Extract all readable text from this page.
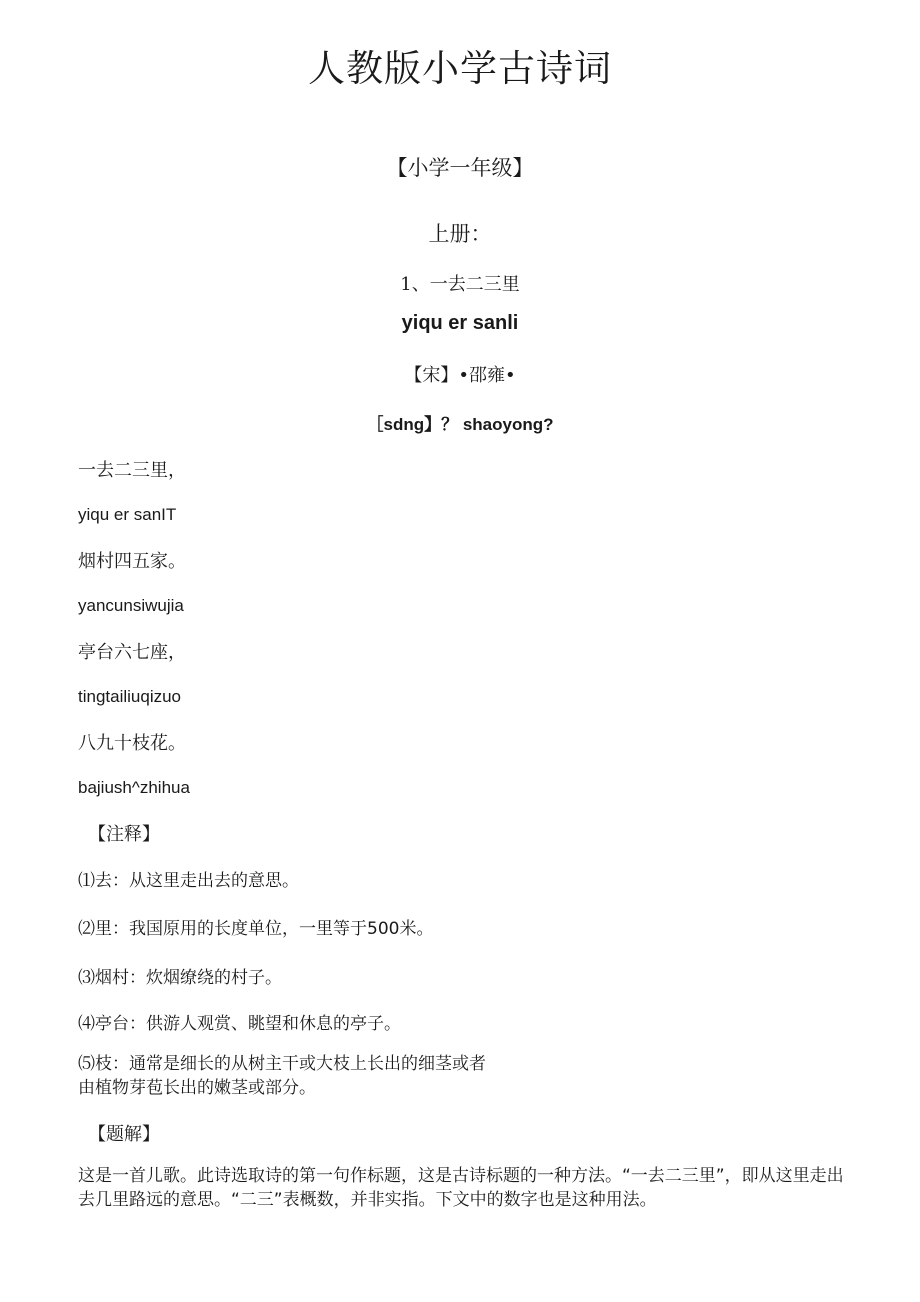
人教版小学古诗词
【小学一年级】
上册：
1、一去二三里
yiqu er sanli
【宋】•邵雍•
［sdng】？ shaoyong?
一去二三里，
yiqu er sanIT
烟村四五家。
yancunsiwujia
亭台六七座，
tingtailiuqizuo
八九十枝花。
bajiush^zhihua
【注释】
⑴去：从这里走出去的意思。
⑵里：我国原用的长度单位，一里等于500米。
⑶烟村：炊烟缭绕的村子。
⑷亭台：供游人观赏、眺望和休息的亭子。
⑸枝：通常是细长的从树主干或大枝上长出的细茎或者由植物芽苞长出的嫩茎或部分。
【题解】
这是一首儿歌。此诗选取诗的第一句作标题，这是古诗标题的一种方法。“一去二三里”，即从这里走出去几里路远的意思。“二三”表概数，并非实指。下文中的数字也是这种用法。
